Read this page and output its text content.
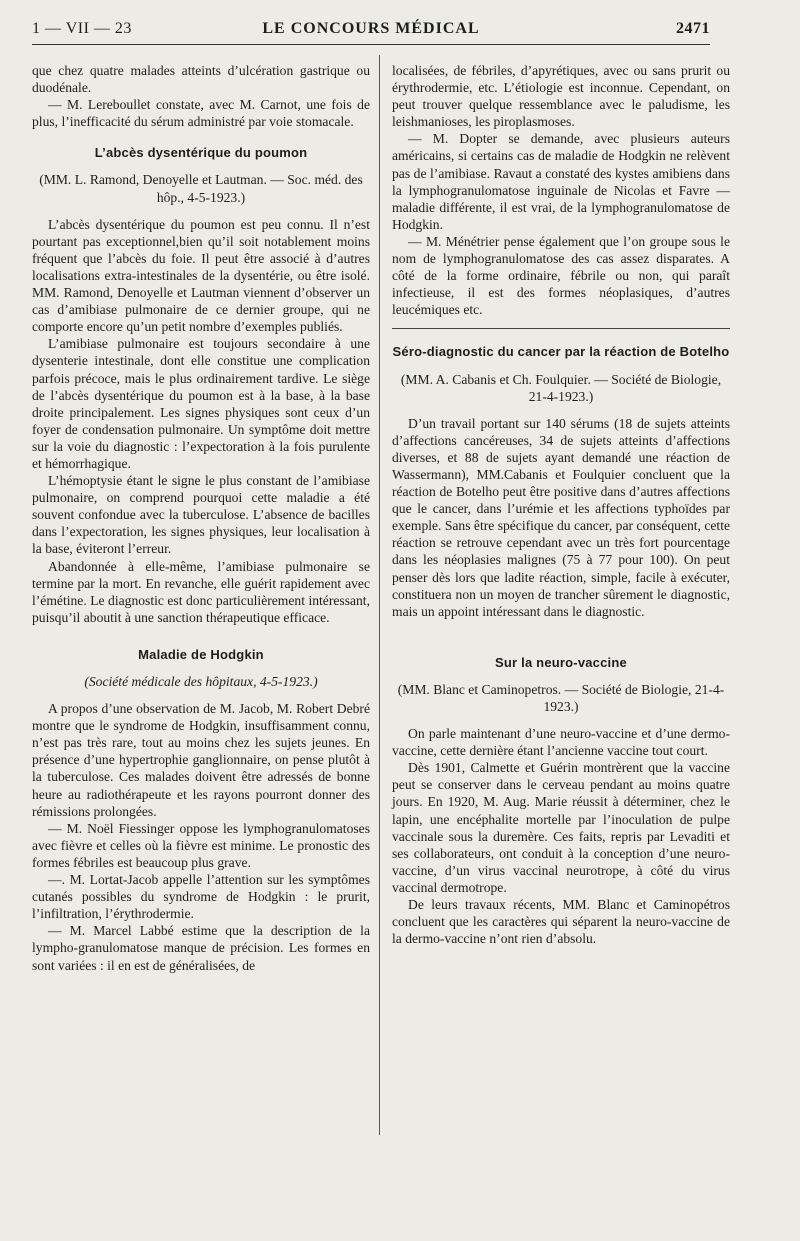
1 — VII — 23	LE CONCOURS MÉDICAL	2471

que chez quatre malades atteints d’ulcération gastrique ou duodénale.

— M. Lereboullet constate, avec M. Carnot, une fois de plus, l’inefficacité du sérum administré par voie stomacale.

L’abcès dysentérique du poumon

(MM. L. Ramond, Denoyelle et Lautman. — Soc. méd. des hôp., 4-5-1923.)

L’abcès dysentérique du poumon est peu connu. Il n’est pourtant pas exceptionnel,bien qu’il soit notablement moins fréquent que l’abcès du foie. Il peut être associé à d’autres localisations extra-intestinales de la dysentérie, ou être isolé. MM. Ramond, Denoyelle et Lautman viennent d’observer un cas d’amibiase pulmonaire de ce dernier groupe, qui ne comporte encore qu’un petit nombre d’exemples publiés.

L’amibiase pulmonaire est toujours secondaire à une dysenterie intestinale, dont elle constitue une complication parfois précoce, mais le plus ordinairement tardive. Le siège de l’abcès dysentérique du poumon est à la base, à la base droite principalement. Les signes physiques sont ceux d’un foyer de condensation pulmonaire. Un symptôme doit mettre sur la voie du diagnostic : l’expectoration à la fois purulente et hémorrhagique.

L’hémoptysie étant le signe le plus constant de l’amibiase pulmonaire, on comprend pourquoi cette maladie a été souvent confondue avec la tuberculose. L’absence de bacilles dans l’expectoration, les signes physiques, leur localisation à la base, éviteront l’erreur.

Abandonnée à elle-même, l’amibiase pulmonaire se termine par la mort. En revanche, elle guérit rapidement avec l’émétine. Le diagnostic est donc particulièrement intéressant, puisqu’il aboutit à une sanction thérapeutique efficace.

Maladie de Hodgkin

(Société médicale des hôpitaux, 4-5-1923.)

A propos d’une observation de M. Jacob, M. Robert Debré montre que le syndrome de Hodgkin, insuffisamment connu, n’est pas très rare, tout au moins chez les sujets jeunes. En présence d’une hypertrophie ganglionnaire, on pense plutôt à la tuberculose. Ces malades doivent être adressés de bonne heure au radiothérapeute et les rayons pourront donner des rémissions prolongées.

— M. Noël Fiessinger oppose les lymphogranulomatoses avec fièvre et celles où la fièvre est minime. Le pronostic des formes fébriles est beaucoup plus grave.

—. M. Lortat-Jacob appelle l’attention sur les symptômes cutanés possibles du syndrome de Hodgkin : le prurit, l’infiltration, l’érythrodermie.

— M. Marcel Labbé estime que la description de la lympho-granulomatose manque de précision. Les formes en sont variées : il en est de généralisées, de

localisées, de fébriles, d’apyrétiques, avec ou sans prurit ou érythrodermie, etc. L’étiologie est inconnue. Cependant, on peut trouver quelque ressemblance avec le paludisme, les leishmanioses, les piroplasmoses.

— M. Dopter se demande, avec plusieurs auteurs américains, si certains cas de maladie de Hodgkin ne relèvent pas de l’amibiase. Ravaut a constaté des kystes amibiens dans la lymphogranulomatose inguinale de Nicolas et Favre — maladie différente, il est vrai, de la lymphogranulomatose de Hodgkin.

— M. Ménétrier pense également que l’on groupe sous le nom de lymphogranulomatose des cas assez disparates. A côté de la forme ordinaire, fébrile ou non, qui paraît infectieuse, il est des formes néoplasiques, d’autres leucémiques etc.

Séro-diagnostic du cancer par la réaction de Botelho

(MM. A. Cabanis et Ch. Foulquier. — Société de Biologie, 21-4-1923.)

D’un travail portant sur 140 sérums (18 de sujets atteints d’affections cancéreuses, 34 de sujets atteints d’affections diverses, et 88 de sujets ayant demandé une réaction de Wassermann), MM.Cabanis et Foulquier concluent que la réaction de Botelho peut être positive dans d’autres affections que le cancer, dans l’urémie et les affections typhoïdes par exemple. Sans être spécifique du cancer, par conséquent, cette réaction se retrouve cependant avec un très fort pourcentage dans les néoplasies malignes (75 à 77 pour 100). On peut penser dès lors que ladite réaction, simple, facile à exécuter, constituera non un moyen de trancher sûrement le diagnostic, mais un appoint intéressant dans le diagnostic.

Sur la neuro-vaccine

(MM. Blanc et Caminopetros. — Société de Biologie, 21-4-1923.)

On parle maintenant d’une neuro-vaccine et d’une dermo-vaccine, cette dernière étant l’ancienne vaccine tout court.

Dès 1901, Calmette et Guérin montrèrent que la vaccine peut se conserver dans le cerveau pendant au moins quatre jours. En 1920, M. Aug. Marie réussit à déterminer, chez le lapin, une encéphalite mortelle par l’inoculation de pulpe vaccinale sous la duremère. Ces faits, repris par Levaditi et ses collaborateurs, ont conduit à la conception d’une neuro-vaccine, d’un virus vaccinal neurotrope, à côté du virus vaccinal dermotrope.

De leurs travaux récents, MM. Blanc et Caminopétros concluent que les caractères qui séparent la neuro-vaccine de la dermo-vaccine n’ont rien d’absolu.
